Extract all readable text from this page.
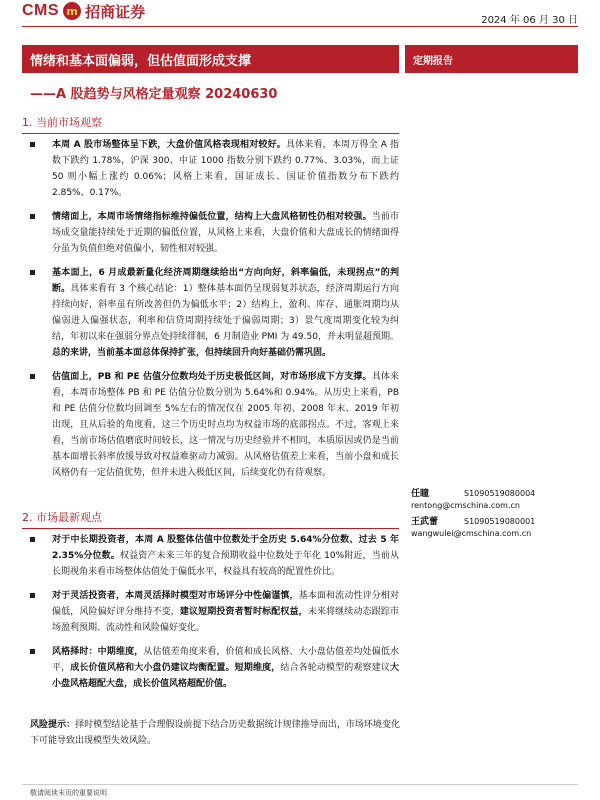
CMS m 招商证券	2024 年 06 月 30 日
情绪和基本面偏弱，但估值面形成支撑	定期报告
——A 股趋势与风格定量观察 20240630
1. 当前市场观察
本周 A 股市场整体呈下跌，大盘价值风格表现相对较好。具体来看，本周万得全 A 指数下跌约 1.78%，沪深 300、中证 1000 指数分别下跌约 0.77%、3.03%，而上证 50 则小幅上涨约 0.06%；风格上来看，国证成长、国证价值指数分布下跌约 2.85%、0.17%。
情绪面上，本周市场情绪指标维持偏低位置，结构上大盘风格韧性仍相对较强。当前市场成交量能持续处于近期的偏低位置，从风格上来看，大盘价值和大盘成长的情绪面得分虽为负值但绝对值偏小，韧性相对较强。
基本面上，6 月成最新量化经济周期继续给出“方向向好，斜率偏低，未现拐点”的判断。具体来看有 3 个核心结论：1）整体基本面仍呈现弱复苏状态，经济周期运行方向持续向好，斜率虽有所改善但仍为偏低水平；2）结构上，盈利、库存、通胀周期均从偏弱进入偏强状态，利率和信贷周期持续处于偏弱周期；3）景气度周期变化较为纠结，年初以来在强弱分界点处持续徘徊，6 月制造业 PMI 为 49.50，并未明显超预期。总的来讲，当前基本面总体保持扩张，但持续回升向好基础仍需巩固。
估值面上，PB 和 PE 估值分位数均处于历史极低区间，对市场形成下方支撑。具体来看，本周市场整体 PB 和 PE 估值分位数分别为 5.64%和 0.94%。从历史上来看，PB 和 PE 估值分位数均回调至 5%左右的情况仅在 2005 年初、2008 年末、2019 年初出现，且从后验的角度看，这三个历史时点均为权益市场的底部拐点。不过，客观上来看，当前市场估值磨底时间较长，这一情况与历史经验并不相同，本质原因或仍是当前基本面增长斜率放缓导致对权益难驱动力减弱。从风格估值差上来看，当前小盘和成长风格仍有一定估值优势，但并未进入极低区间，后续变化仍有待观察。
任瞳	S1090519080004
rentong@cmschina.com.cn
王武蕾	S1090519080001
wangwulei@cmschina.com.cn
2. 市场最新观点
对于中长期投资者，本周 A 股整体估值中位数处于全历史 5.64%分位数、过去 5 年 2.35%分位数。权益资产未来三年的复合预期收益中位数处于年化 10%附近，当前从长期视角来看市场整体估值处于偏低水平，权益具有较高的配置性价比。
对于灵活投资者，本周灵活择时模型对市场评分中性偏谨慎，基本面和流动性评分相对偏低，风险偏好评分维持不变，建议短期投资者暂时标配权益，未来将继续动态跟踪市场盈利预期、流动性和风险偏好变化。
风格择时：中期维度，从估值差角度来看，价值和成长风格、大小盘估值差均处偏低水平，成长价值风格和大小盘仍建议均衡配置。短期维度，结合各轮动模型的观察建议大小盘风格超配大盘，成长价值风格超配价值。
风险提示：择时模型结论基于合理假设前提下结合历史数据统计规律推导而出，市场环境变化下可能导致出现模型失效风险。
敬请阅读末页的重要说明
